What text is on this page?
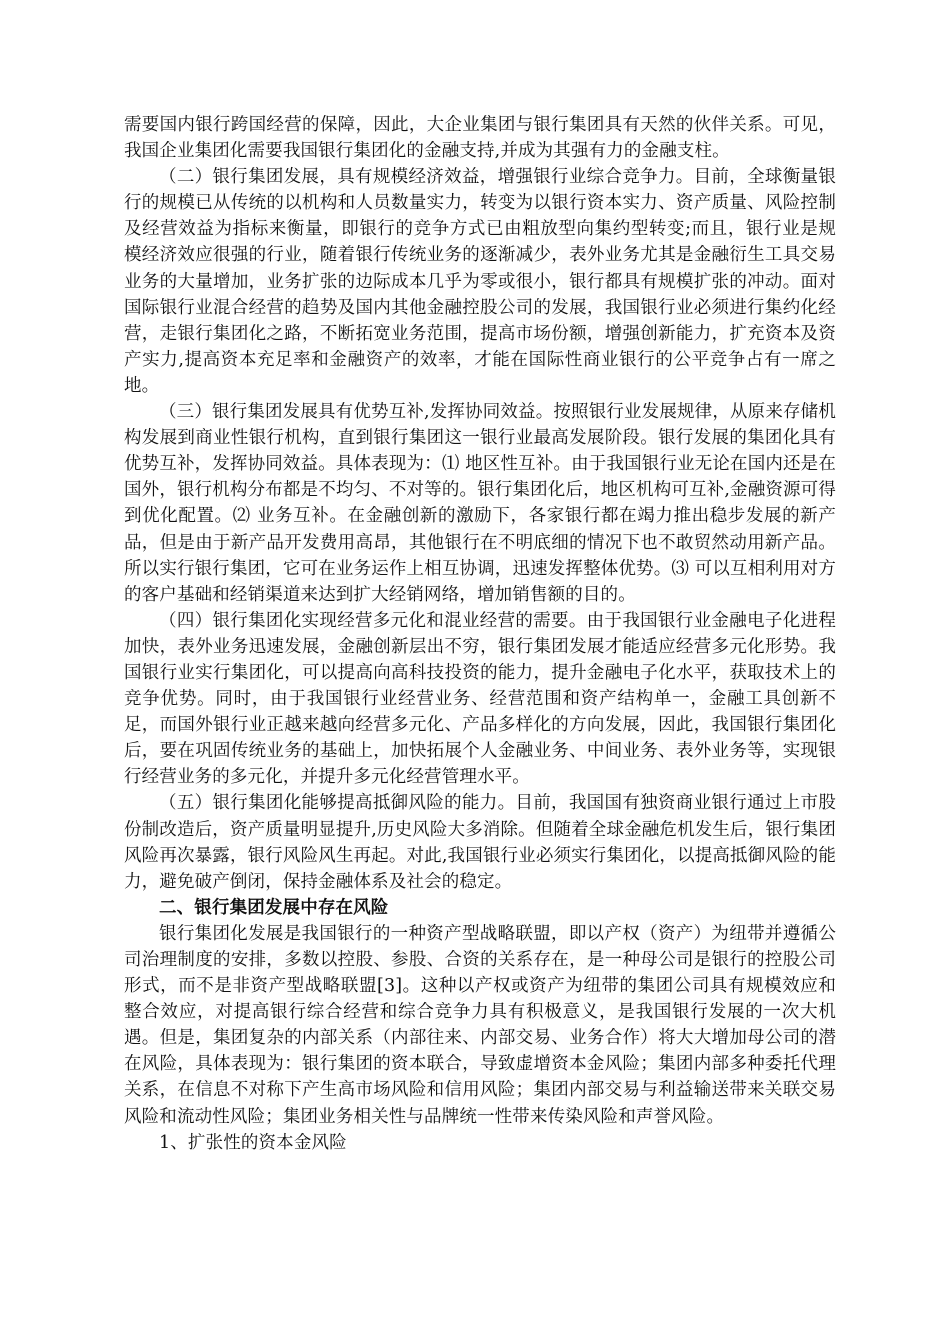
需要国内银行跨国经营的保障，因此，大企业集团与银行集团具有天然的伙伴关系。可见，我国企业集团化需要我国银行集团化的金融支持,并成为其强有力的金融支柱。

（二）银行集团发展，具有规模经济效益，增强银行业综合竞争力。目前，全球衡量银行的规模已从传统的以机构和人员数量实力，转变为以银行资本实力、资产质量、风险控制及经营效益为指标来衡量，即银行的竞争方式已由粗放型向集约型转变;而且，银行业是规模经济效应很强的行业，随着银行传统业务的逐渐减少，表外业务尤其是金融衍生工具交易业务的大量增加，业务扩张的边际成本几乎为零或很小，银行都具有规模扩张的冲动。面对国际银行业混合经营的趋势及国内其他金融控股公司的发展，我国银行业必须进行集约化经营，走银行集团化之路，不断拓宽业务范围，提高市场份额，增强创新能力，扩充资本及资产实力,提高资本充足率和金融资产的效率，才能在国际性商业银行的公平竞争占有一席之地。

（三）银行集团发展具有优势互补,发挥协同效益。按照银行业发展规律，从原来存储机构发展到商业性银行机构，直到银行集团这一银行业最高发展阶段。银行发展的集团化具有优势互补，发挥协同效益。具体表现为：⑴ 地区性互补。由于我国银行业无论在国内还是在国外，银行机构分布都是不均匀、不对等的。银行集团化后，地区机构可互补,金融资源可得到优化配置。⑵ 业务互补。在金融创新的激励下，各家银行都在竭力推出稳步发展的新产品，但是由于新产品开发费用高昂，其他银行在不明底细的情况下也不敢贸然动用新产品。所以实行银行集团，它可在业务运作上相互协调，迅速发挥整体优势。⑶ 可以互相利用对方的客户基础和经销渠道来达到扩大经销网络，增加销售额的目的。

（四）银行集团化实现经营多元化和混业经营的需要。由于我国银行业金融电子化进程加快，表外业务迅速发展，金融创新层出不穷，银行集团发展才能适应经营多元化形势。我国银行业实行集团化，可以提高向高科技投资的能力，提升金融电子化水平，获取技术上的竞争优势。同时，由于我国银行业经营业务、经营范围和资产结构单一，金融工具创新不足，而国外银行业正越来越向经营多元化、产品多样化的方向发展，因此，我国银行集团化后，要在巩固传统业务的基础上，加快拓展个人金融业务、中间业务、表外业务等，实现银行经营业务的多元化，并提升多元化经营管理水平。

（五）银行集团化能够提高抵御风险的能力。目前，我国国有独资商业银行通过上市股份制改造后，资产质量明显提升,历史风险大多消除。但随着全球金融危机发生后，银行集团风险再次暴露，银行风险风生再起。对此,我国银行业必须实行集团化，以提高抵御风险的能力，避免破产倒闭，保持金融体系及社会的稳定。

二、银行集团发展中存在风险

银行集团化发展是我国银行的一种资产型战略联盟，即以产权（资产）为纽带并遵循公司治理制度的安排，多数以控股、参股、合资的关系存在，是一种母公司是银行的控股公司形式，而不是非资产型战略联盟[3]。这种以产权或资产为纽带的集团公司具有规模效应和整合效应，对提高银行综合经营和综合竞争力具有积极意义，是我国银行发展的一次大机遇。但是，集团复杂的内部关系（内部往来、内部交易、业务合作）将大大增加母公司的潜在风险，具体表现为：银行集团的资本联合，导致虚增资本金风险；集团内部多种委托代理关系，在信息不对称下产生高市场风险和信用风险；集团内部交易与利益输送带来关联交易风险和流动性风险；集团业务相关性与品牌统一性带来传染风险和声誉风险。

1、扩张性的资本金风险
